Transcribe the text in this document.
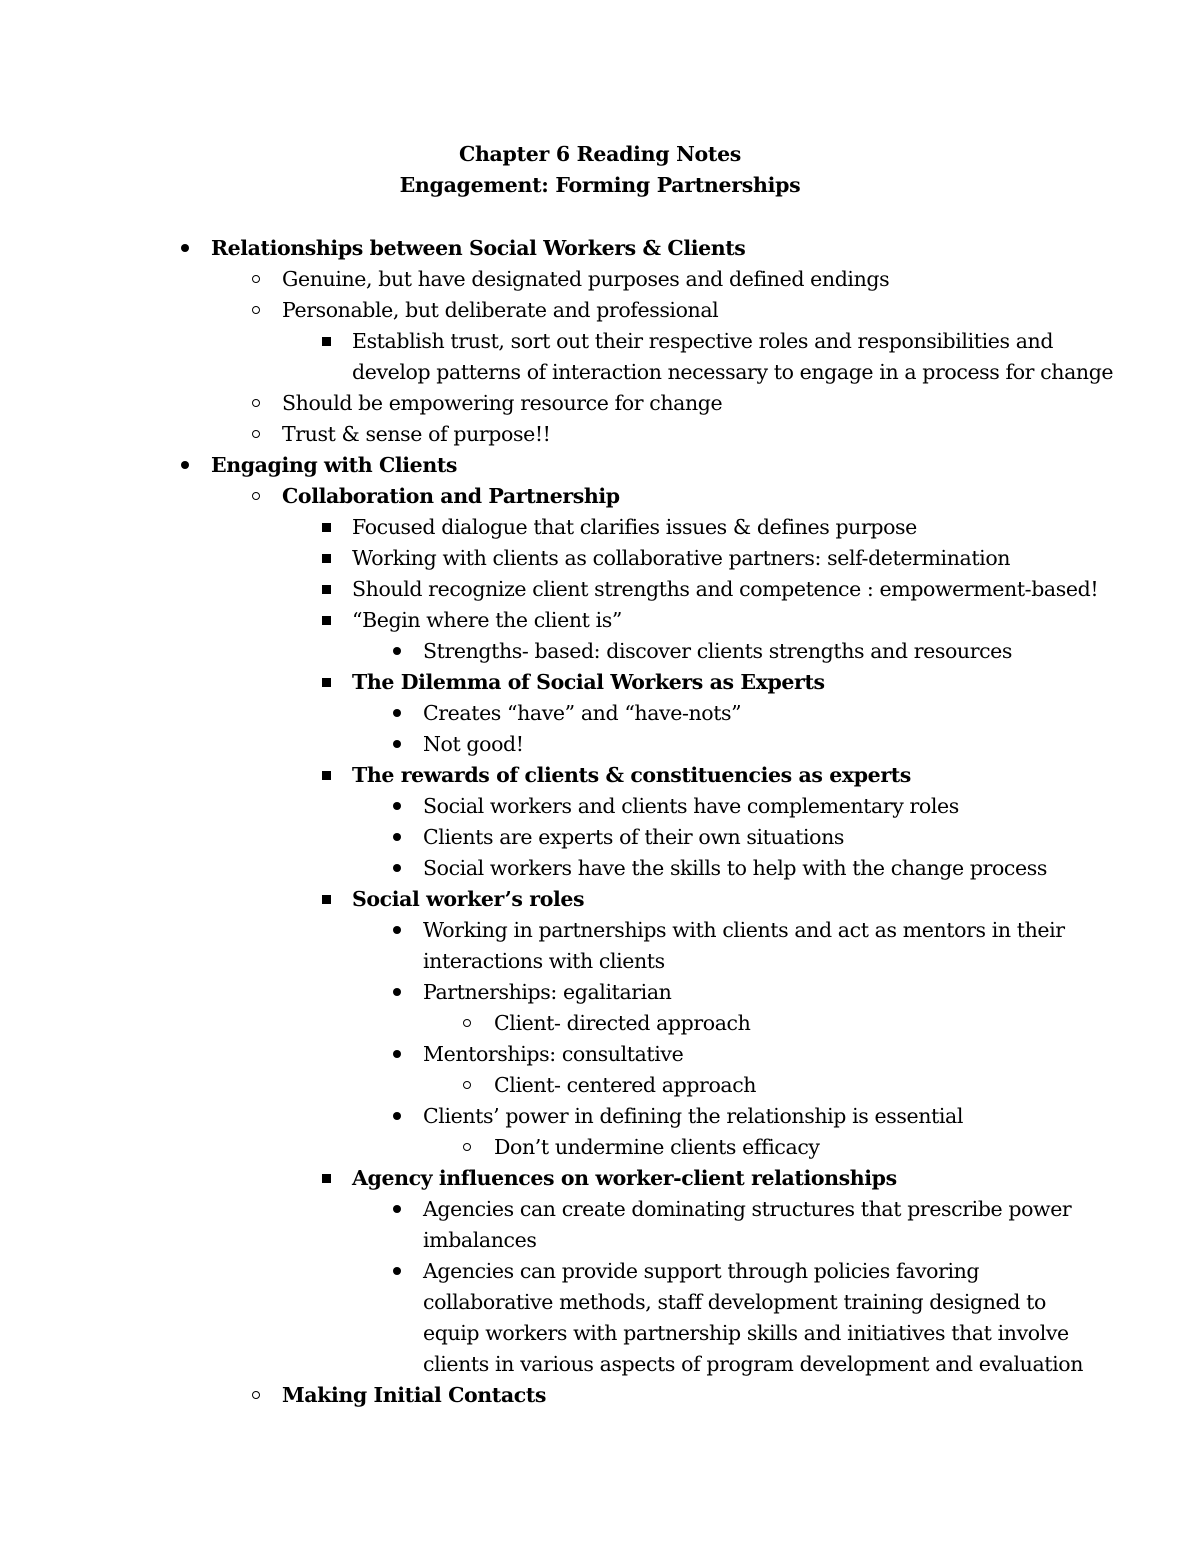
Chapter 6 Reading Notes
Engagement: Forming Partnerships
Relationships between Social Workers & Clients
Genuine, but have designated purposes and defined endings
Personable, but deliberate and professional
Establish trust, sort out their respective roles and responsibilities and
develop patterns of interaction necessary to engage in a process for change
Should be empowering resource for change
Trust & sense of purpose!!
Engaging with Clients
Collaboration and Partnership
Focused dialogue that clarifies issues & defines purpose
Working with clients as collaborative partners: self-determination
Should recognize client strengths and competence : empowerment-based!
“Begin where the client is”
Strengths- based: discover clients strengths and resources
The Dilemma of Social Workers as Experts
Creates “have” and “have-nots”
Not good!
The rewards of clients & constituencies as experts
Social workers and clients have complementary roles
Clients are experts of their own situations
Social workers have the skills to help with the change process
Social worker’s roles
Working in partnerships with clients and act as mentors in their
interactions with clients
Partnerships: egalitarian
Client- directed approach
Mentorships: consultative
Client- centered approach
Clients’ power in defining the relationship is essential
Don’t undermine clients efficacy
Agency influences on worker-client relationships
Agencies can create dominating structures that prescribe power
imbalances
Agencies can provide support through policies favoring
collaborative methods, staff development training designed to
equip workers with partnership skills and initiatives that involve
clients in various aspects of program development and evaluation
Making Initial Contacts
